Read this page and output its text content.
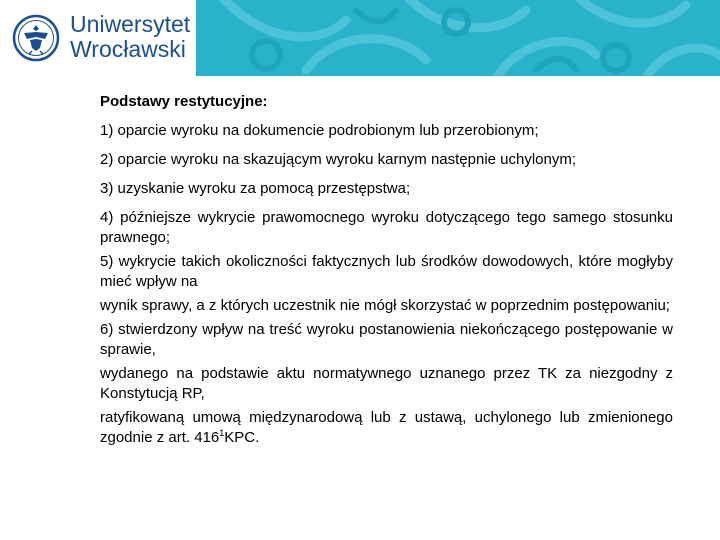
Uniwersytet
Wrocławski

Podstawy restytucyjne:

1) oparcie wyroku na dokumencie podrobionym lub przerobionym;

2) oparcie wyroku na skazującym wyroku karnym następnie uchylonym;

3) uzyskanie wyroku za pomocą przestępstwa;

4) późniejsze wykrycie prawomocnego wyroku dotyczącego tego samego stosunku prawnego;

5) wykrycie takich okoliczności faktycznych lub środków dowodowych, które mogłyby mieć wpływ na

wynik sprawy, a z których uczestnik nie mógł skorzystać w poprzednim postępowaniu;

6) stwierdzony wpływ na treść wyroku postanowienia niekończącego postępowanie w sprawie,

wydanego na podstawie aktu normatywnego uznanego przez TK za niezgodny z Konstytucją RP,

ratyfikowaną umową międzynarodową lub z ustawą, uchylonego lub zmienionego zgodnie z art. $416^1KPC$.
